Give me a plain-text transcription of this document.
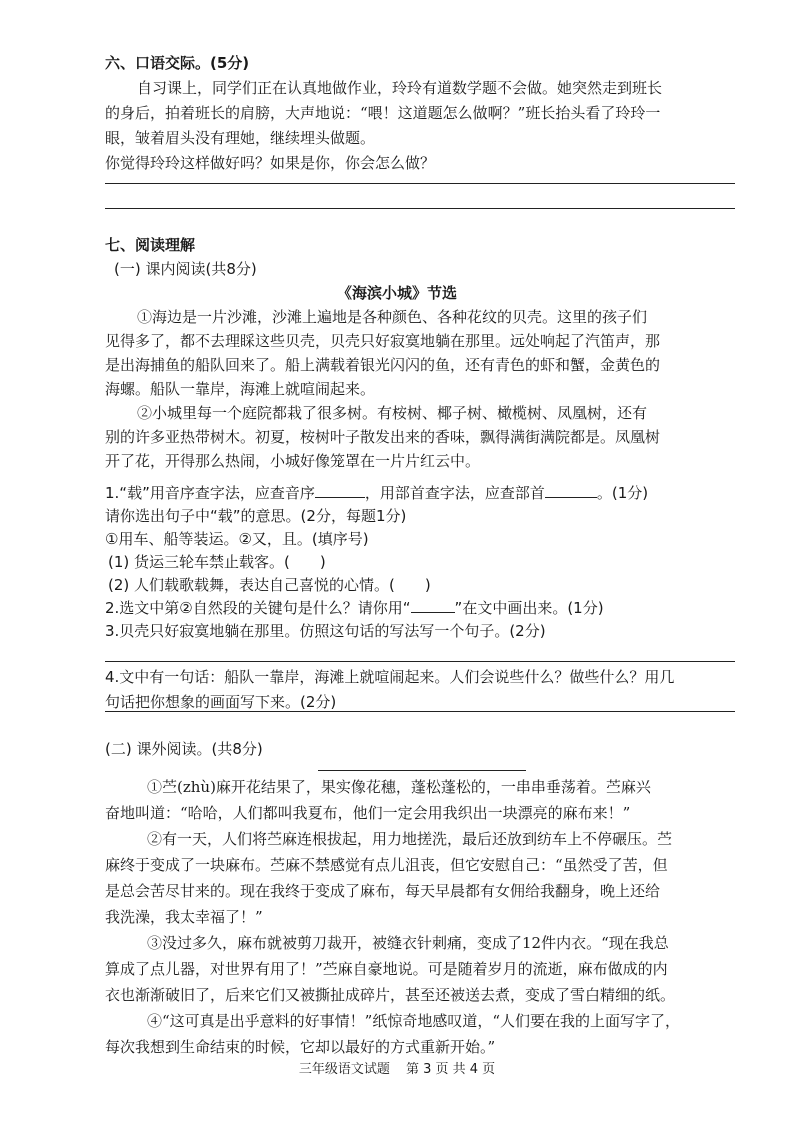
六、口语交际。(5分)
自习课上，同学们正在认真地做作业，玲玲有道数学题不会做。她突然走到班长
的身后，拍着班长的肩膀，大声地说：“喂！这道题怎么做啊？”班长抬头看了玲玲一
眼，皱着眉头没有理她，继续埋头做题。
你觉得玲玲这样做好吗？如果是你，你会怎么做？
七、阅读理解
(一) 课内阅读(共8分)
《海滨小城》节选
①海边是一片沙滩，沙滩上遍地是各种颜色、各种花纹的贝壳。这里的孩子们
见得多了，都不去理睬这些贝壳，贝壳只好寂寞地躺在那里。远处响起了汽笛声，那
是出海捕鱼的船队回来了。船上满载着银光闪闪的鱼，还有青色的虾和蟹，金黄色的
海螺。船队一靠岸，海滩上就喧闹起来。
②小城里每一个庭院都栽了很多树。有桉树、椰子树、橄榄树、凤凰树，还有
别的许多亚热带树木。初夏，桉树叶子散发出来的香味，飘得满街满院都是。凤凰树
开了花，开得那么热闹，小城好像笼罩在一片片红云中。
1.“载”用音序查字法，应查音序	，用部首查字法，应查部首	。(1分)
请你选出句子中“载”的意思。(2分，每题1分)
①用车、船等装运。②又，且。(填序号)
(1) 货运三轮车禁止载客。(　　)
(2) 人们载歌载舞，表达自己喜悦的心情。(　　)
2.选文中第②自然段的关键句是什么？请你用“	”在文中画出来。(1分)
3.贝壳只好寂寞地躺在那里。仿照这句话的写法写一个句子。(2分)
4.文中有一句话：船队一靠岸，海滩上就喧闹起来。人们会说些什么？做些什么？用几
句话把你想象的画面写下来。(2分)
(二) 课外阅读。(共8分)
①苎(zhù)麻开花结果了，果实像花穗，蓬松蓬松的，一串串垂荡着。苎麻兴
奋地叫道：“哈哈，人们都叫我夏布，他们一定会用我织出一块漂亮的麻布来！”
②有一天，人们将苎麻连根拔起，用力地搓洗，最后还放到纺车上不停碾压。苎
麻终于变成了一块麻布。苎麻不禁感觉有点儿沮丧，但它安慰自己：“虽然受了苦，但
是总会苦尽甘来的。现在我终于变成了麻布，每天早晨都有女佣给我翻身，晚上还给
我洗澡，我太幸福了！”
③没过多久，麻布就被剪刀裁开，被缝衣针刺痛，变成了12件内衣。“现在我总
算成了点儿器，对世界有用了！”苎麻自豪地说。可是随着岁月的流逝，麻布做成的内
衣也渐渐破旧了，后来它们又被撕扯成碎片，甚至还被送去煮，变成了雪白精细的纸。
④“这可真是出乎意料的好事情！”纸惊奇地感叹道，“人们要在我的上面写字了，
每次我想到生命结束的时候，它却以最好的方式重新开始。”
三年级语文试题 第 3 页 共 4 页
